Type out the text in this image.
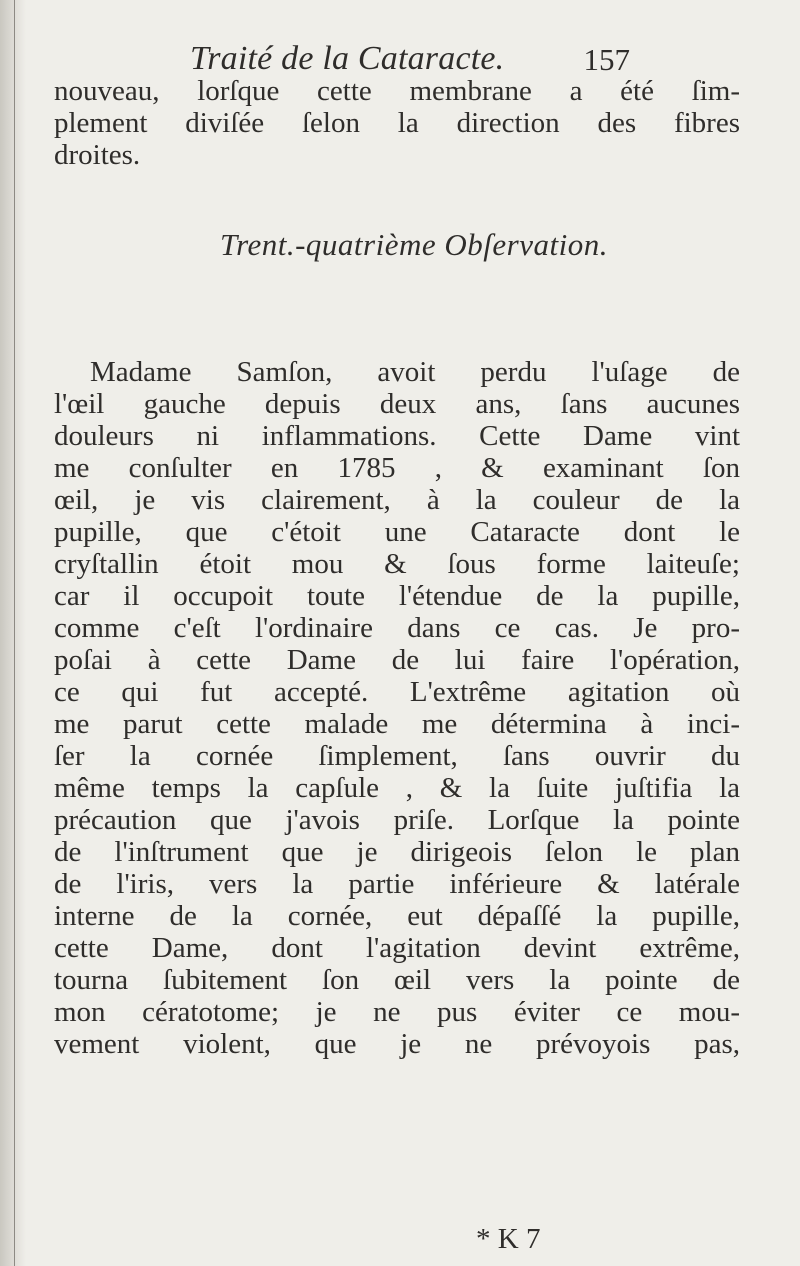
Traité de la Cataracte.	157
nouveau, lorſque cette membrane a été ſim-
plement diviſée ſelon la direction des fibres
droites.
Trent.-quatrième Obſervation.
Madame Samſon, avoit perdu l'uſage de
l'œil gauche depuis deux ans, ſans aucunes
douleurs ni inflammations. Cette Dame vint
me conſulter en 1785 , & examinant ſon
œil, je vis clairement, à la couleur de la
pupille, que c'étoit une Cataracte dont le
cryſtallin étoit mou & ſous forme laiteuſe;
car il occupoit toute l'étendue de la pupille,
comme c'eſt l'ordinaire dans ce cas. Je pro-
poſai à cette Dame de lui faire l'opération,
ce qui fut accepté. L'extrême agitation où
me parut cette malade me détermina à inci-
ſer la cornée ſimplement, ſans ouvrir du
même temps la capſule , & la ſuite juſtifia la
précaution que j'avois priſe. Lorſque la pointe
de l'inſtrument que je dirigeois ſelon le plan
de l'iris, vers la partie inférieure & latérale
interne de la cornée, eut dépaſſé la pupille,
cette Dame, dont l'agitation devint extrême,
tourna ſubitement ſon œil vers la pointe de
mon cératotome; je ne pus éviter ce mou-
vement violent, que je ne prévoyois pas,
* K 7
